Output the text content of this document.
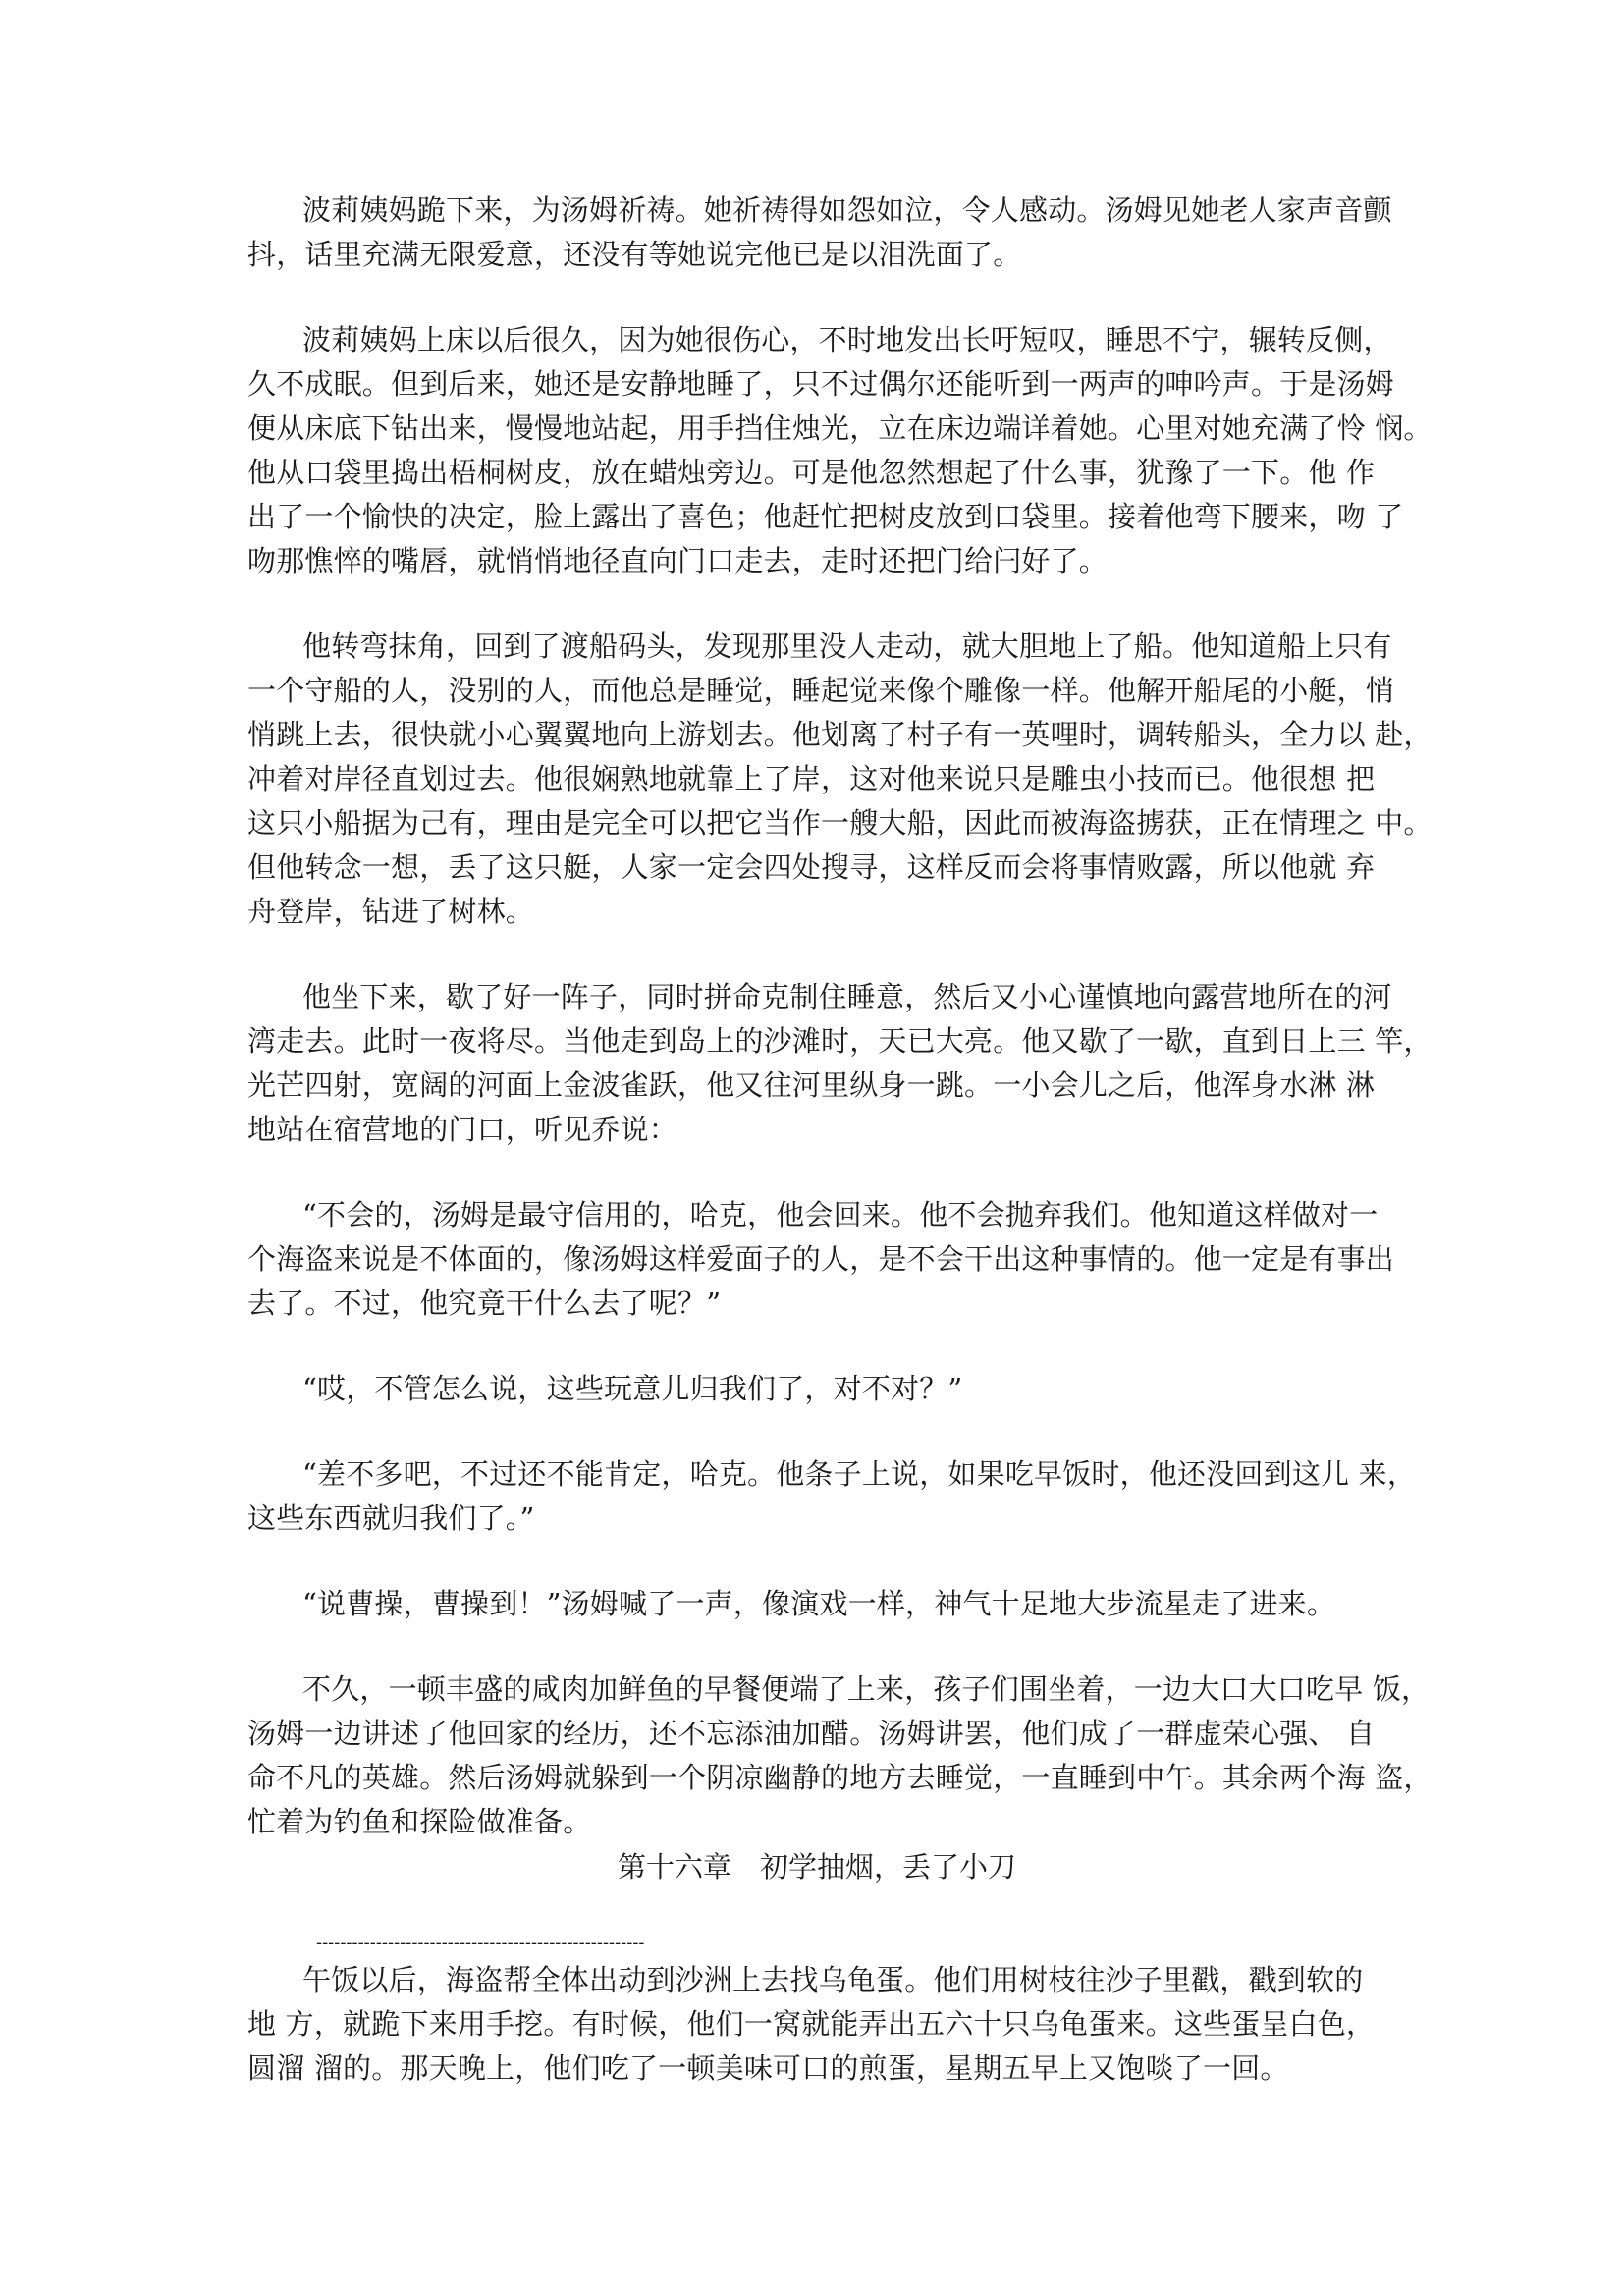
波莉姨妈跪下来，为汤姆祈祷。她祈祷得如怨如泣，令人感动。汤姆见她老人家声音颤
抖，话里充满无限爱意，还没有等她说完他已是以泪洗面了。
波莉姨妈上床以后很久，因为她很伤心，不时地发出长吁短叹，睡思不宁，辗转反侧，
久不成眠。但到后来，她还是安静地睡了，只不过偶尔还能听到一两声的呻吟声。于是汤姆
便从床底下钻出来，慢慢地站起，用手挡住烛光，立在床边端详着她。心里对她充满了怜 悯。
他从口袋里捣出梧桐树皮，放在蜡烛旁边。可是他忽然想起了什么事，犹豫了一下。他 作
出了一个愉快的决定，脸上露出了喜色；他赶忙把树皮放到口袋里。接着他弯下腰来，吻 了
吻那憔悴的嘴唇，就悄悄地径直向门口走去，走时还把门给闩好了。
他转弯抹角，回到了渡船码头，发现那里没人走动，就大胆地上了船。他知道船上只有
一个守船的人，没别的人，而他总是睡觉，睡起觉来像个雕像一样。他解开船尾的小艇，悄
悄跳上去，很快就小心翼翼地向上游划去。他划离了村子有一英哩时，调转船头，全力以 赴，
冲着对岸径直划过去。他很娴熟地就靠上了岸，这对他来说只是雕虫小技而已。他很想 把
这只小船据为己有，理由是完全可以把它当作一艘大船，因此而被海盗掳获，正在情理之 中。
但他转念一想，丢了这只艇，人家一定会四处搜寻，这样反而会将事情败露，所以他就 弃
舟登岸，钻进了树林。
他坐下来，歇了好一阵子，同时拼命克制住睡意，然后又小心谨慎地向露营地所在的河
湾走去。此时一夜将尽。当他走到岛上的沙滩时，天已大亮。他又歇了一歇，直到日上三 竿，
光芒四射，宽阔的河面上金波雀跃，他又往河里纵身一跳。一小会儿之后，他浑身水淋 淋
地站在宿营地的门口，听见乔说：
“不会的，汤姆是最守信用的，哈克，他会回来。他不会抛弃我们。他知道这样做对一
个海盗来说是不体面的，像汤姆这样爱面子的人，是不会干出这种事情的。他一定是有事出
去了。不过，他究竟干什么去了呢？”
“哎，不管怎么说，这些玩意儿归我们了，对不对？”
“差不多吧，不过还不能肯定，哈克。他条子上说，如果吃早饭时，他还没回到这儿 来，
这些东西就归我们了。”
“说曹操，曹操到！”汤姆喊了一声，像演戏一样，神气十足地大步流星走了进来。
不久，一顿丰盛的咸肉加鲜鱼的早餐便端了上来，孩子们围坐着，一边大口大口吃早 饭，
汤姆一边讲述了他回家的经历，还不忘添油加醋。汤姆讲罢，他们成了一群虚荣心强、 自
命不凡的英雄。然后汤姆就躲到一个阴凉幽静的地方去睡觉，一直睡到中午。其余两个海 盗，
忙着为钓鱼和探险做准备。
第十六章　初学抽烟，丢了小刀
-------------------------------------------------------
午饭以后，海盗帮全体出动到沙洲上去找乌龟蛋。他们用树枝往沙子里戳，戳到软的
地 方，就跪下来用手挖。有时候，他们一窝就能弄出五六十只乌龟蛋来。这些蛋呈白色，
圆溜 溜的。那天晚上，他们吃了一顿美味可口的煎蛋，星期五早上又饱啖了一回。
